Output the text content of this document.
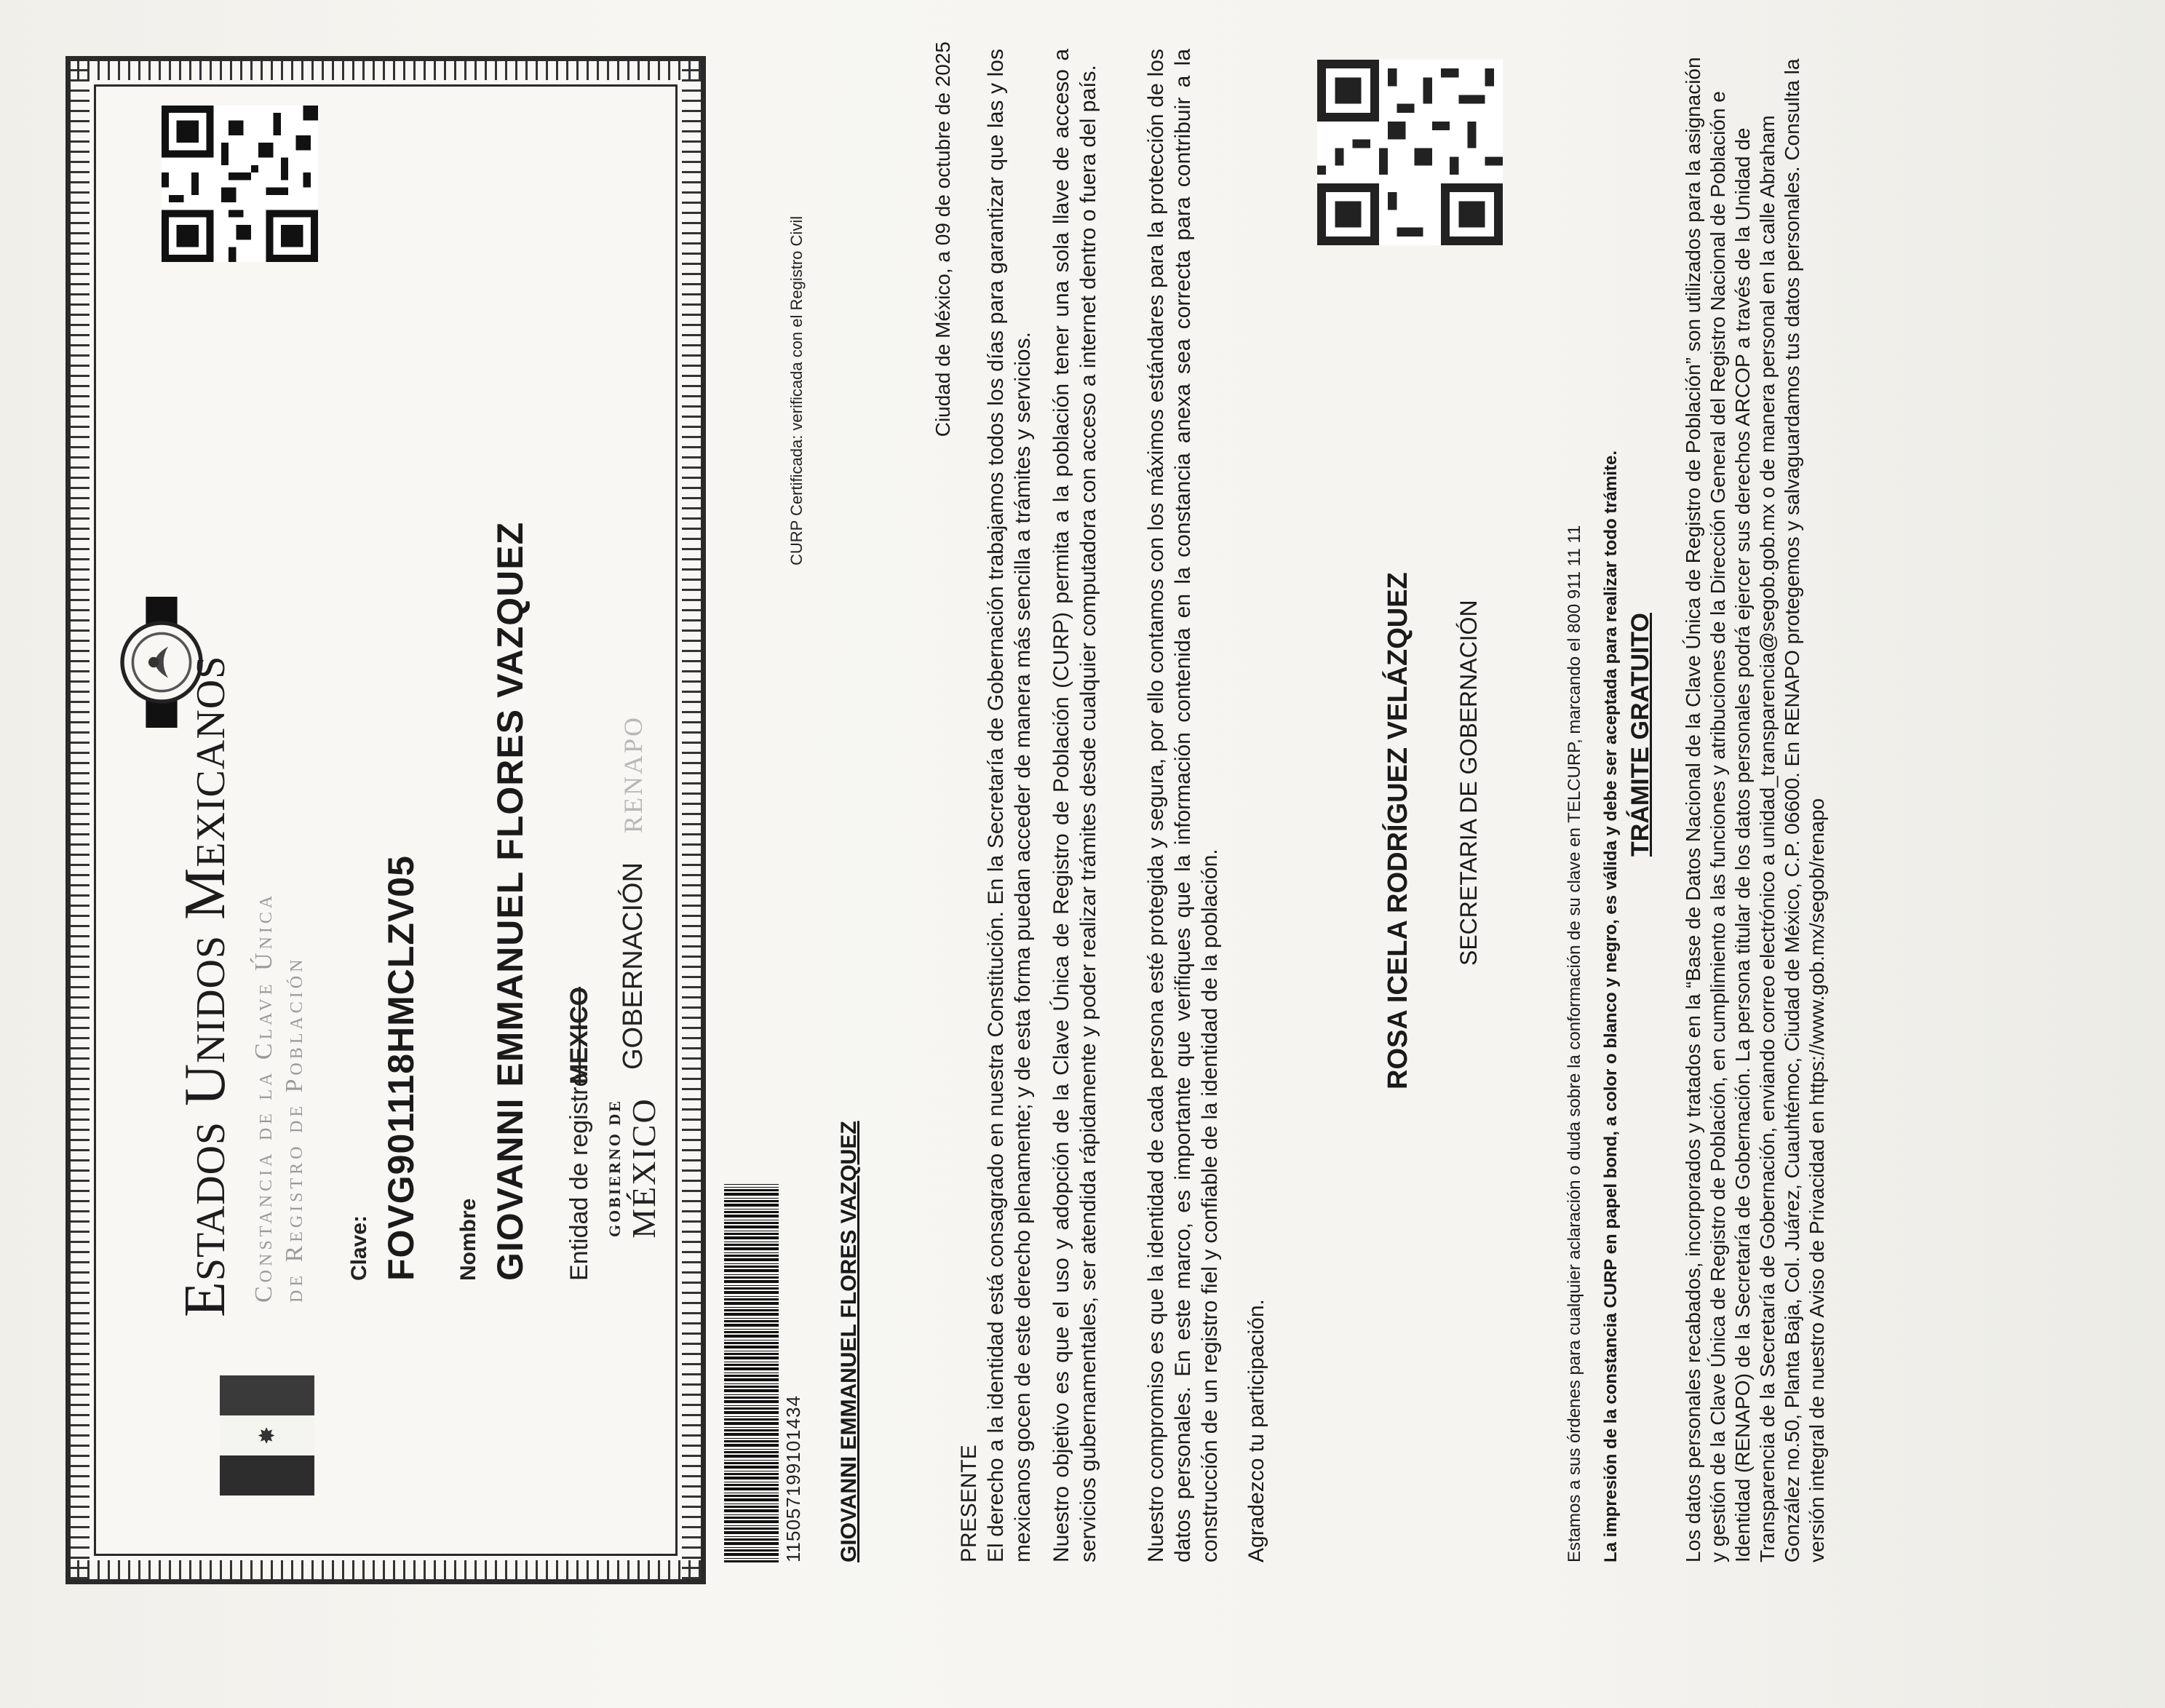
✸
Estados Unidos Mexicanos Constancia de la Clave Única de Registro de Población Clave: FOVG901118HMCLZV05 Nombre GIOVANNI EMMANUEL FLORES VAZQUEZ Entidad de registro:
MEXICO
GOBIERNO DE MÉXICO
GOBERNACIÓN
RENAPO
115057199101434
CURP Certificada: verificada con el Registro Civil
GIOVANNI EMMANUEL FLORES VAZQUEZ
Ciudad de México, a 09 de octubre de 2025
PRESENTE El derecho a la identidad está consagrado en nuestra Constitución. En la Secretaría de Gobernación trabajamos todos los días para garantizar que las y los mexicanos gocen de este derecho plenamente; y de esta forma puedan acceder de manera más sencilla a trámites y servicios. Nuestro objetivo es que el uso y adopción de la Clave Única de Registro de Población (CURP) permita a la población tener una sola llave de acceso a servicios gubernamentales, ser atendida rápidamente y poder realizar trámites desde cualquier computadora con acceso a internet dentro o fuera del país. Nuestro compromiso es que la identidad de cada persona esté protegida y segura, por ello contamos con los máximos estándares para la protección de los datos personales. En este marco, es importante que verifiques que la información contenida en la constancia anexa sea correcta para contribuir a la construcción de un registro fiel y confiable de la identidad de la población. Agradezco tu participación.
ROSA ICELA RODRÍGUEZ VELÁZQUEZ SECRETARIA DE GOBERNACIÓN	Estamos a sus órdenes para cualquier aclaración o duda sobre la conformación de su clave en TELCURP, marcando el 800 911 11 11 La impresión de la constancia CURP en papel bond, a color o blanco y negro, es válida y debe ser aceptada para realizar todo trámite. TRÁMITE GRATUITO Los datos personales recabados, incorporados y tratados en la “Base de Datos Nacional de la Clave Única de Registro de Población” son utilizados para la asignación y gestión de la Clave Única de Registro de Población, en cumplimiento a las funciones y atribuciones de la Dirección General del Registro Nacional de Población e Identidad (RENAPO) de la Secretaría de Gobernación. La persona titular de los datos personales podrá ejercer sus derechos ARCOP a través de la Unidad de Transparencia de la Secretaría de Gobernación, enviando correo electrónico a unidad_transparencia@segob.gob.mx o de manera personal en la calle Abraham González no.50, Planta Baja, Col. Juárez, Cuauhtémoc, Ciudad de México, C.P. 06600. En RENAPO protegemos y salvaguardamos tus datos personales. Consulta la versión integral de nuestro Aviso de Privacidad en https://www.gob.mx/segob/renapo
